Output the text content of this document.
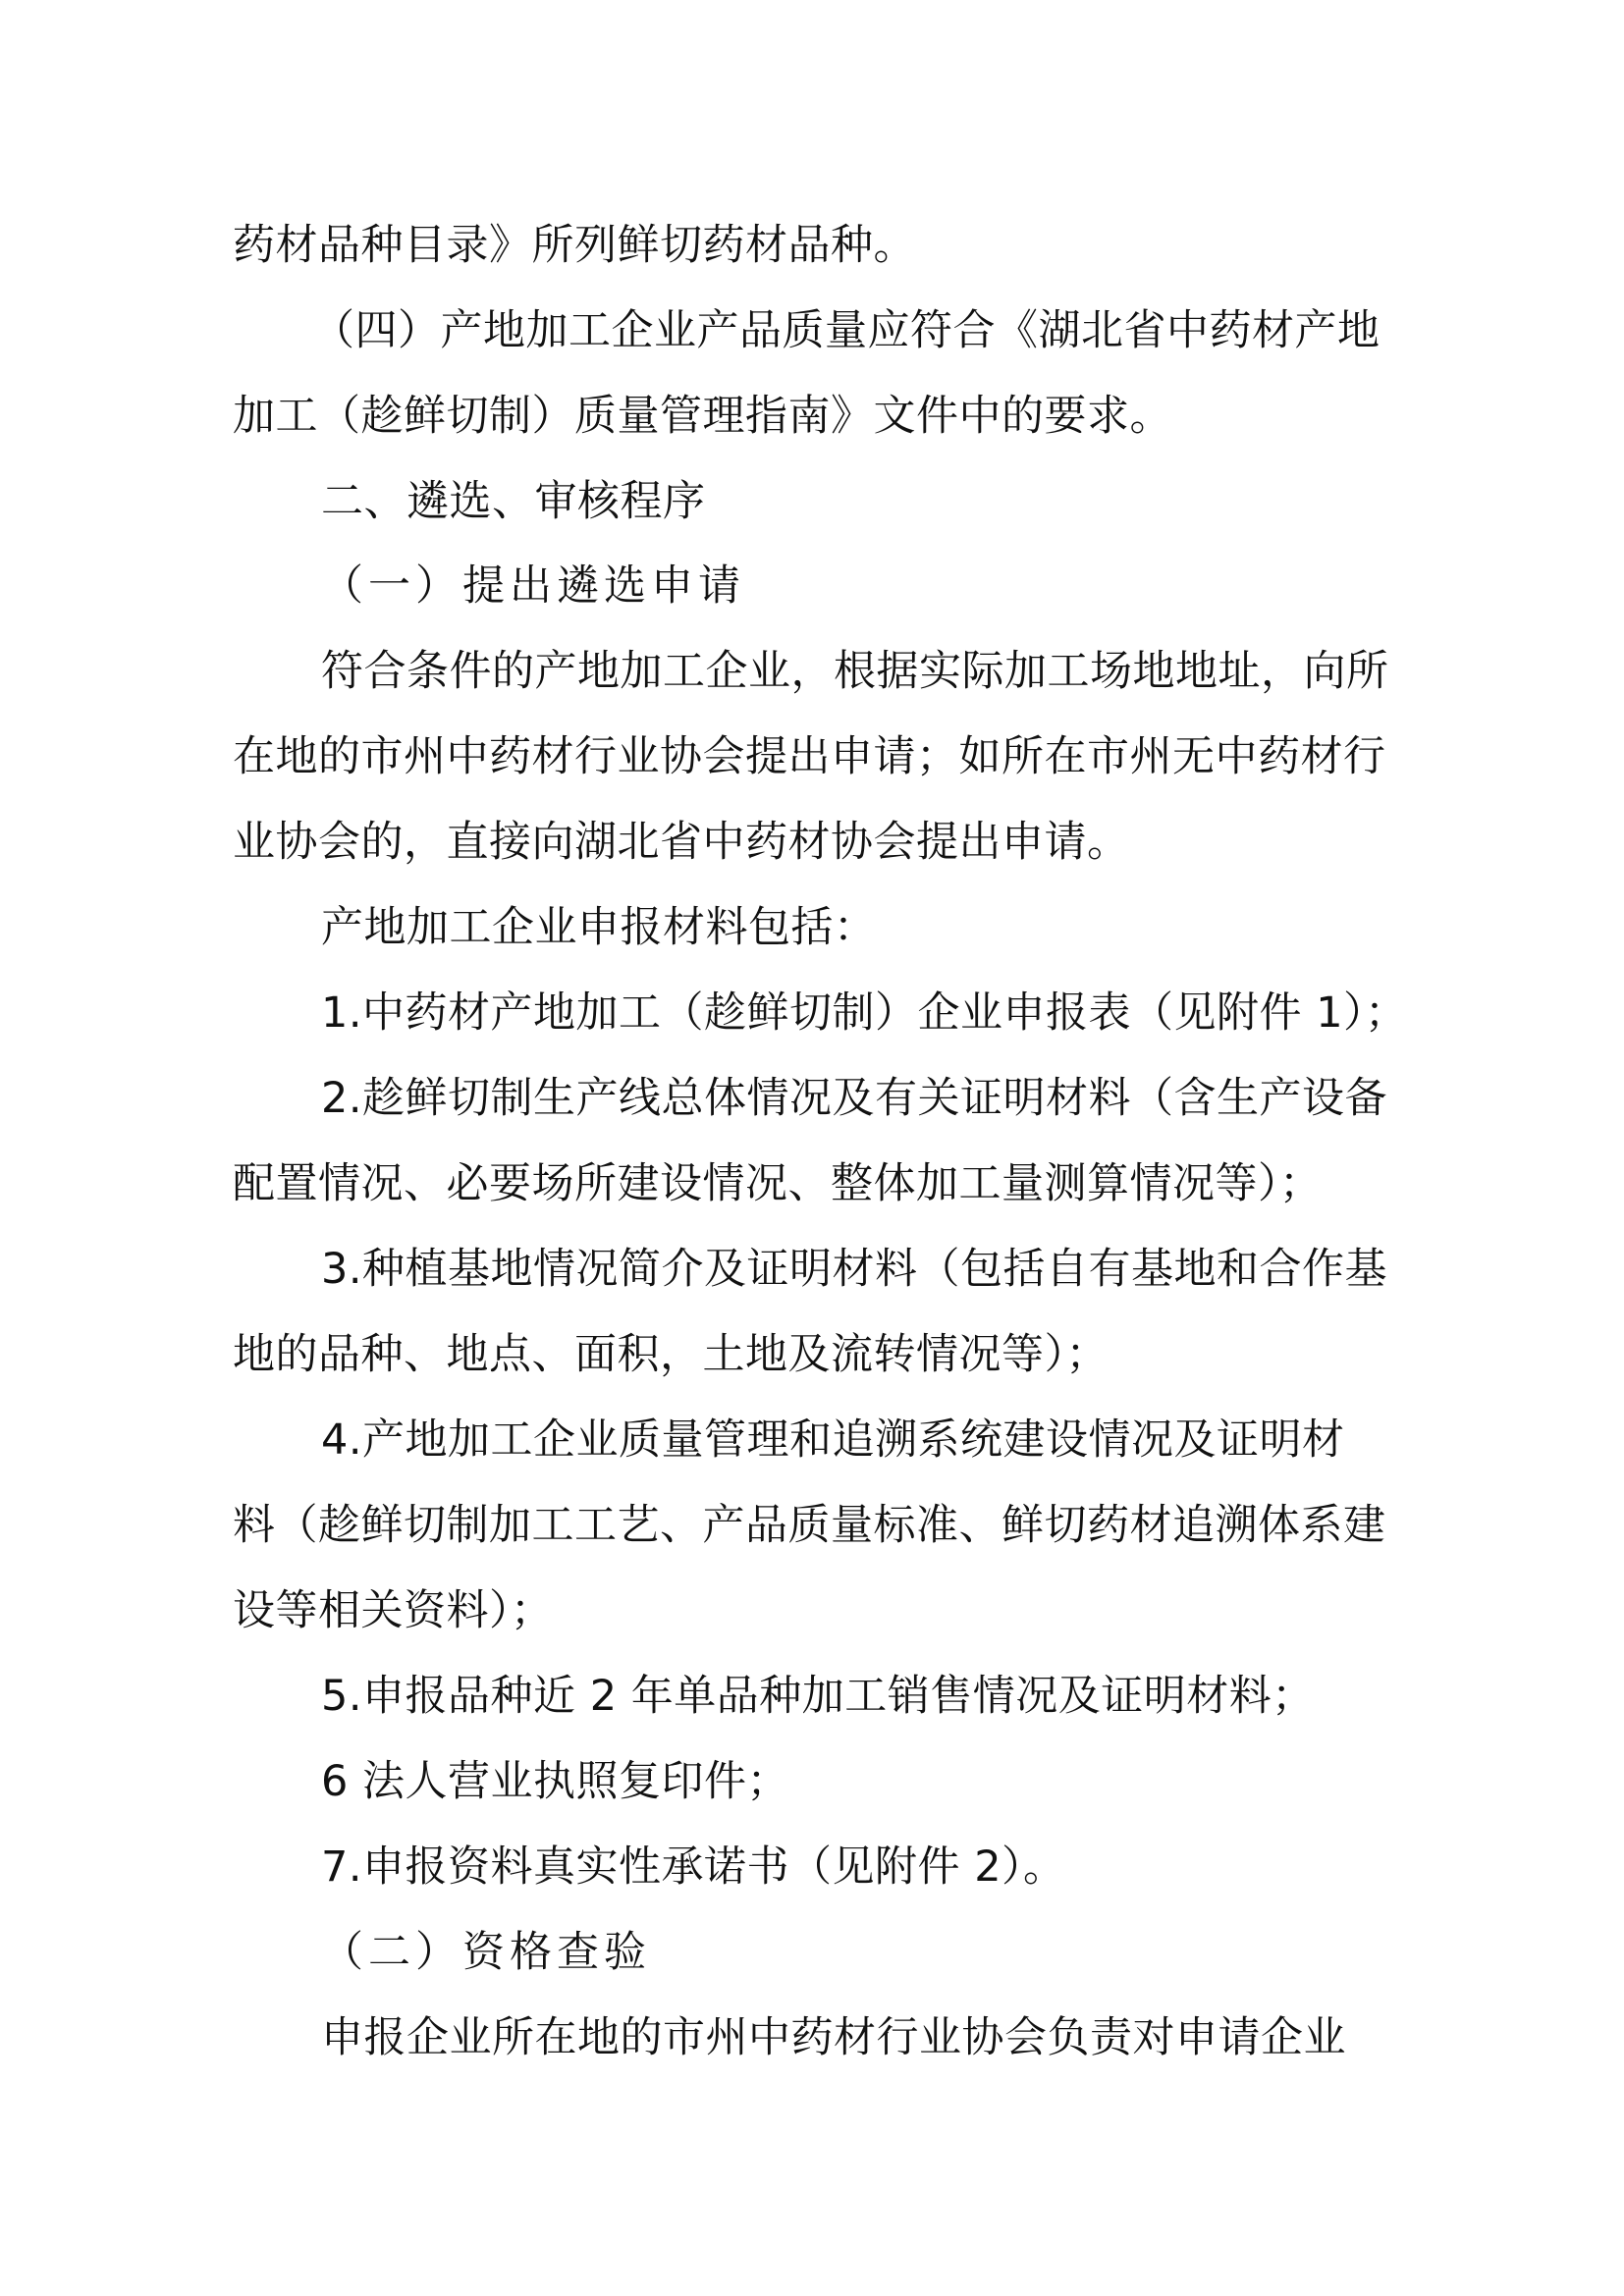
药材品种目录》所列鲜切药材品种。
（四）产地加工企业产品质量应符合《湖北省中药材产地
加工（趁鲜切制）质量管理指南》文件中的要求。
二、遴选、审核程序
（一）提出遴选申请
符合条件的产地加工企业，根据实际加工场地地址，向所
在地的市州中药材行业协会提出申请；如所在市州无中药材行
业协会的，直接向湖北省中药材协会提出申请。
产地加工企业申报材料包括：
1.中药材产地加工（趁鲜切制）企业申报表（见附件 1）；
2.趁鲜切制生产线总体情况及有关证明材料（含生产设备
配置情况、必要场所建设情况、整体加工量测算情况等）；
3.种植基地情况简介及证明材料（包括自有基地和合作基
地的品种、地点、面积，土地及流转情况等）；
4.产地加工企业质量管理和追溯系统建设情况及证明材
料（趁鲜切制加工工艺、产品质量标准、鲜切药材追溯体系建
设等相关资料）；
5.申报品种近 2 年单品种加工销售情况及证明材料；
6 法人营业执照复印件；
7.申报资料真实性承诺书（见附件 2）。
（二）资格查验
申报企业所在地的市州中药材行业协会负责对申请企业
